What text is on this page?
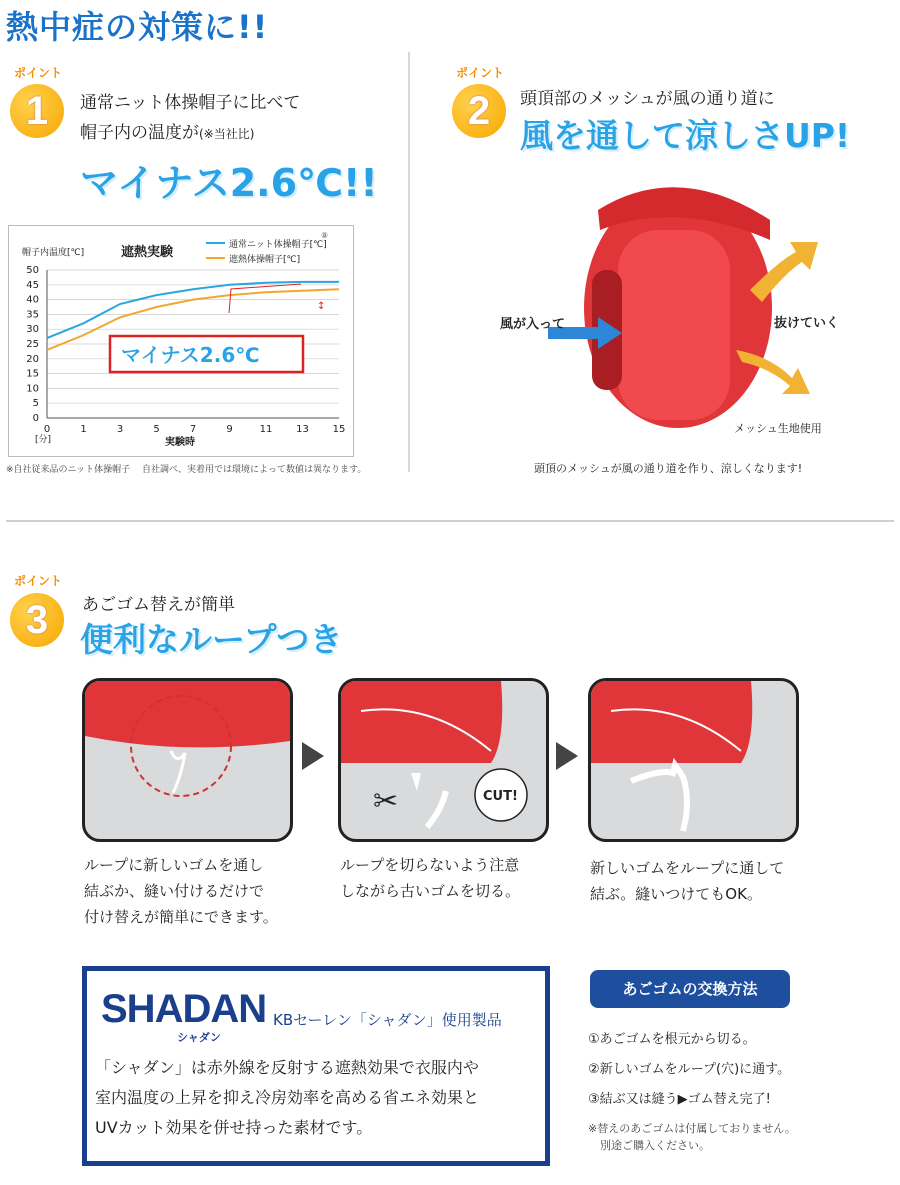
熱中症の対策に!!
ポイント
1	通常ニット体操帽子に比べて
帽子内の温度が(※当社比)
マイナス2.6℃!!
0
5
10
15
20
25
30
35
40
45
50
0	1	3	5	7	9	11 13 15
帽子内温度[℃]	遮熱実験	通常ニット体操帽子[℃]
⑧
遮熱体操帽子[℃]
[分]	実験時
↕
マイナス2.6℃
※自社従来品のニット体操帽子　 自社調べ、実着用では環境によって数値は異なります。
ポイント
2	頭頂部のメッシュが風の通り道に
風を通して涼しさUP!
風が入って	抜けていく
メッシュ生地使用
頭頂のメッシュが風の通り道を作り、涼しくなります!
ポイント
3	あごゴム替えが簡単
便利なループつき
✂	CUT!
ループに新しいゴムを通し
結ぶか、縫い付けるだけで
付け替えが簡単にできます。
ループを切らないよう注意
しながら古いゴムを切る。
新しいゴムをループに通して
結ぶ。縫いつけてもOK。
SHADAN
シャダン
KBセーレン「シャダン」使用製品
「シャダン」は赤外線を反射する遮熱効果で衣服内や
室内温度の上昇を抑え冷房効率を高める省エネ効果と
UVカット効果を併せ持った素材です。
あごゴムの交換方法
①あごゴムを根元から切る。
②新しいゴムをループ(穴)に通す。
③結ぶ又は縫う▶ゴム替え完了!
※替えのあごゴムは付属しておりません。
別途ご購入ください。
